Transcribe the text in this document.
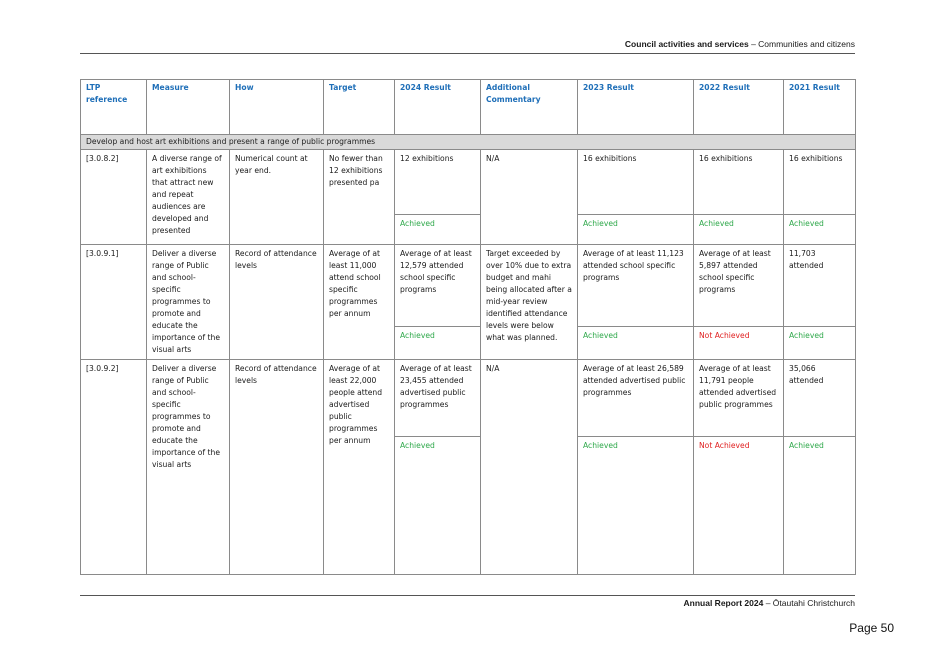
Council activities and services – Communities and citizens
LTP reference	Measure	How	Target	2024 Result	Additional Commentary	2023 Result	2022 Result	2021 Result
Develop and host art exhibitions and present a range of public programmes								
[3.0.8.2]	A diverse range of art exhibitions that attract new and repeat audiences are developed and presented	Numerical count at year end.	No fewer than 12 exhibitions presented pa	12 exhibitions	N/A	16 exhibitions	16 exhibitions	16 exhibitions
				Achieved		Achieved	Achieved	Achieved
[3.0.9.1]	Deliver a diverse range of Public and school-specific programmes to promote and educate the importance of the visual arts	Record of attendance levels	Average of at least 11,000 attend school specific programmes per annum	Average of at least 12,579 attended school specific programs	Target exceeded by over 10% due to extra budget and mahi being allocated after a mid-year review identified attendance levels were below what was planned.	Average of at least 11,123 attended school specific programs	Average of at least 5,897 attended school specific programs	11,703 attended
				Achieved		Achieved	Not Achieved	Achieved
[3.0.9.2]	Deliver a diverse range of Public and school-specific programmes to promote and educate the importance of the visual arts	Record of attendance levels	Average of at least 22,000 people attend advertised public programmes per annum	Average of at least 23,455 attended advertised public programmes	N/A	Average of at least 26,589 attended advertised public programmes	Average of at least 11,791 people attended advertised public programmes	35,066 attended
				Achieved		Achieved	Not Achieved	Achieved
Annual Report 2024 – Ōtautahi Christchurch
Page 50
